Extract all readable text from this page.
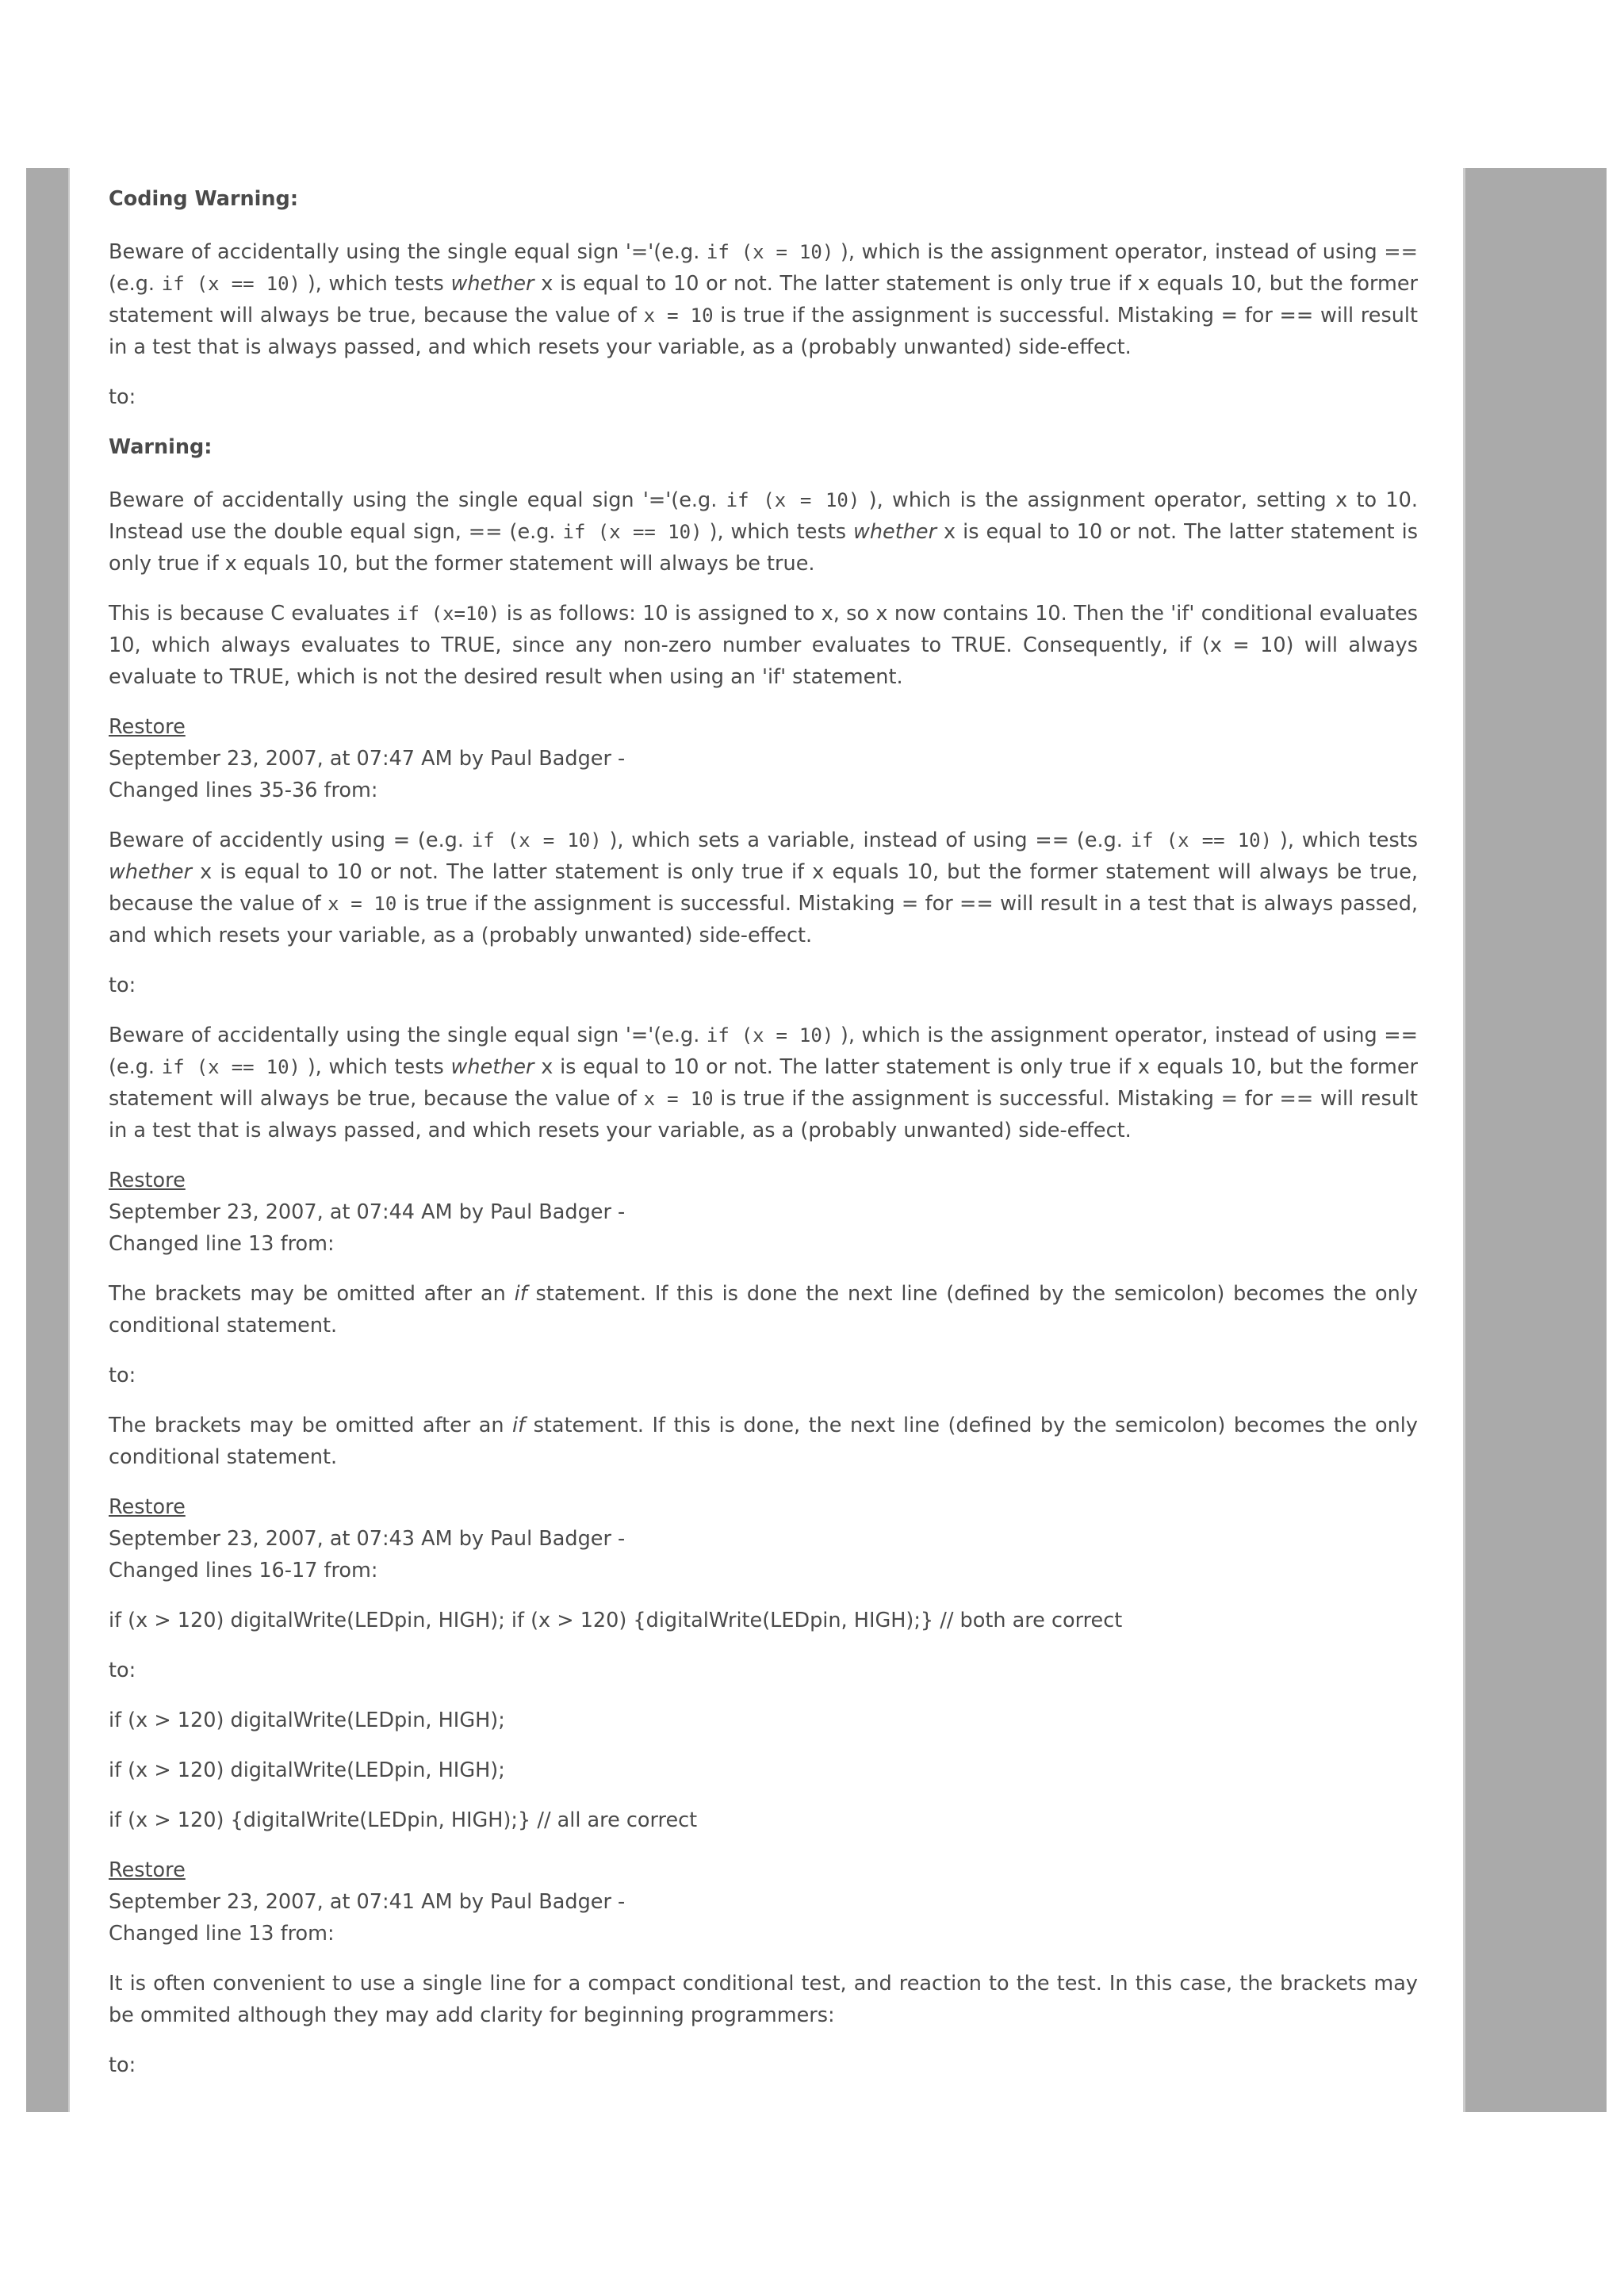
Coding Warning:

Beware of accidentally using the single equal sign '='(e.g. if (x = 10) ), which is the assignment operator, instead of using == (e.g. if (x == 10) ), which tests whether x is equal to 10 or not. The latter statement is only true if x equals 10, but the former statement will always be true, because the value of x = 10 is true if the assignment is successful. Mistaking = for == will result in a test that is always passed, and which resets your variable, as a (probably unwanted) side-effect.

to:

Warning:

Beware of accidentally using the single equal sign '='(e.g. if (x = 10) ), which is the assignment operator, setting x to 10. Instead use the double equal sign, == (e.g. if (x == 10) ), which tests whether x is equal to 10 or not. The latter statement is only true if x equals 10, but the former statement will always be true.

This is because C evaluates if (x=10) is as follows: 10 is assigned to x, so x now contains 10. Then the 'if' conditional evaluates 10, which always evaluates to TRUE, since any non-zero number evaluates to TRUE. Consequently, if (x = 10) will always evaluate to TRUE, which is not the desired result when using an 'if' statement.

Restore

September 23, 2007, at 07:47 AM by Paul Badger -

Changed lines 35-36 from:

Beware of accidently using = (e.g. if (x = 10) ), which sets a variable, instead of using == (e.g. if (x == 10) ), which tests whether x is equal to 10 or not. The latter statement is only true if x equals 10, but the former statement will always be true, because the value of x = 10 is true if the assignment is successful. Mistaking = for == will result in a test that is always passed, and which resets your variable, as a (probably unwanted) side-effect.

to:

Beware of accidentally using the single equal sign '='(e.g. if (x = 10) ), which is the assignment operator, instead of using == (e.g. if (x == 10) ), which tests whether x is equal to 10 or not. The latter statement is only true if x equals 10, but the former statement will always be true, because the value of x = 10 is true if the assignment is successful. Mistaking = for == will result in a test that is always passed, and which resets your variable, as a (probably unwanted) side-effect.

Restore

September 23, 2007, at 07:44 AM by Paul Badger -

Changed line 13 from:

The brackets may be omitted after an if statement. If this is done the next line (defined by the semicolon) becomes the only conditional statement.

to:

The brackets may be omitted after an if statement. If this is done, the next line (defined by the semicolon) becomes the only conditional statement.

Restore

September 23, 2007, at 07:43 AM by Paul Badger -

Changed lines 16-17 from:

if (x > 120) digitalWrite(LEDpin, HIGH); if (x > 120) {digitalWrite(LEDpin, HIGH);} // both are correct

to:

if (x > 120) digitalWrite(LEDpin, HIGH);

if (x > 120) digitalWrite(LEDpin, HIGH);

if (x > 120) {digitalWrite(LEDpin, HIGH);} // all are correct

Restore

September 23, 2007, at 07:41 AM by Paul Badger -

Changed line 13 from:

It is often convenient to use a single line for a compact conditional test, and reaction to the test. In this case, the brackets may be ommited although they may add clarity for beginning programmers:

to:
